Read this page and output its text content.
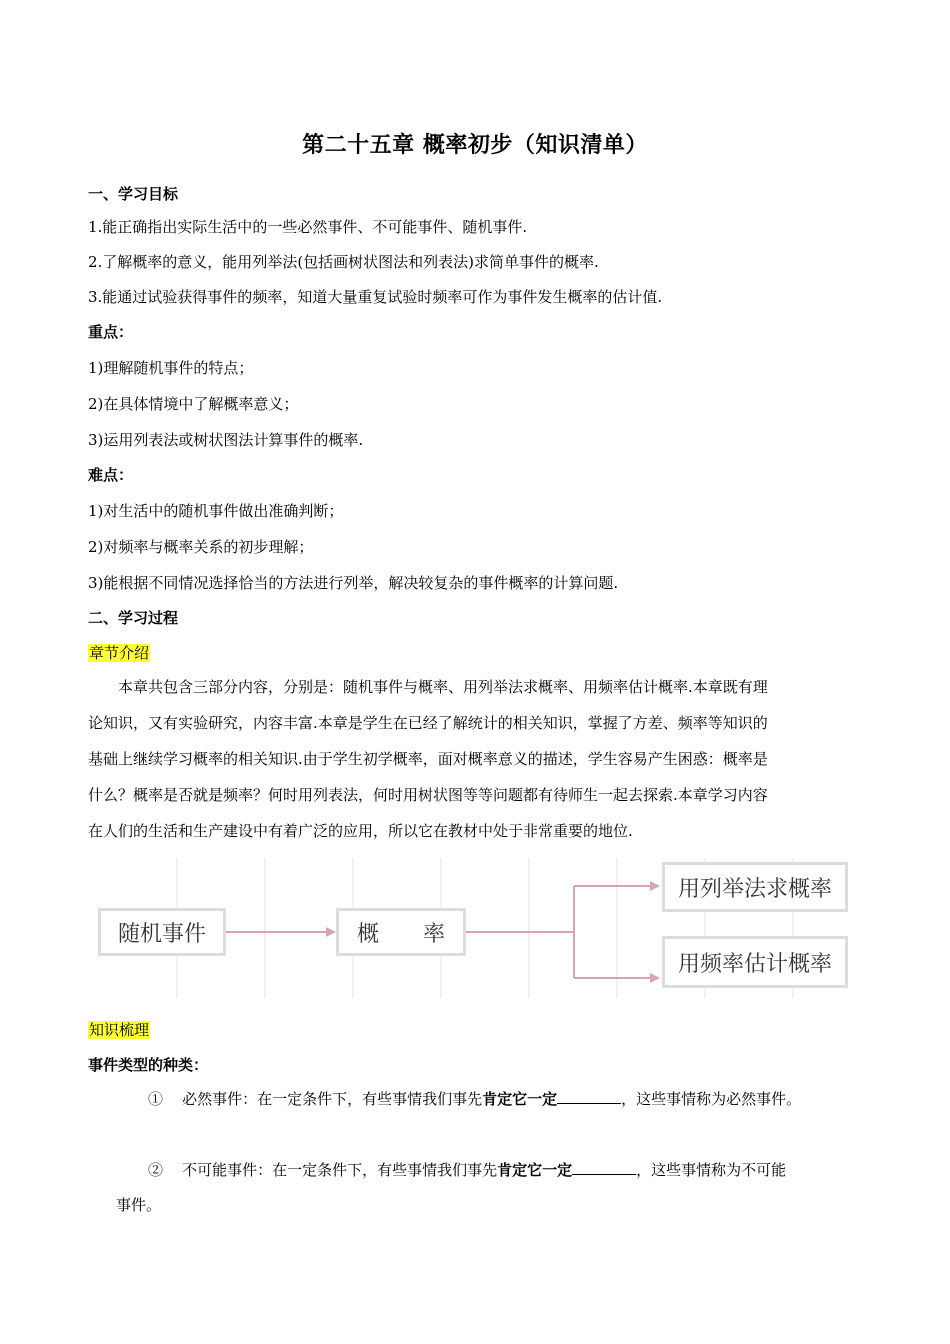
第二十五章 概率初步（知识清单）
一、学习目标
1.能正确指出实际生活中的一些必然事件、不可能事件、随机事件.
2.了解概率的意义，能用列举法(包括画树状图法和列表法)求简单事件的概率.
3.能通过试验获得事件的频率，知道大量重复试验时频率可作为事件发生概率的估计值.
重点：
1)理解随机事件的特点；
2)在具体情境中了解概率意义；
3)运用列表法或树状图法计算事件的概率.
难点：
1)对生活中的随机事件做出准确判断；
2)对频率与概率关系的初步理解；
3)能根据不同情况选择恰当的方法进行列举，解决较复杂的事件概率的计算问题.
二、学习过程
章节介绍

　　本章共包含三部分内容，分别是：随机事件与概率、用列举法求概率、用频率估计概率.本章既有理

论知识，又有实验研究，内容丰富.本章是学生在已经了解统计的相关知识，掌握了方差、频率等知识的

基础上继续学习概率的相关知识.由于学生初学概率，面对概率意义的描述，学生容易产生困惑：概率是

什么？概率是否就是频率？何时用列表法，何时用树状图等等问题都有待师生一起去探索.本章学习内容

在人们的生活和生产建设中有着广泛的应用，所以它在教材中处于非常重要的地位.

随机事件	概　　率
用列举法求概率
用频率估计概率
知识梳理
事件类型的种类：
① 必然事件：在一定条件下，有些事情我们事先肯定它一定	，这些事情称为必然事件。
② 不可能事件：在一定条件下，有些事情我们事先肯定它一定	，这些事情称为不可能
事件。
